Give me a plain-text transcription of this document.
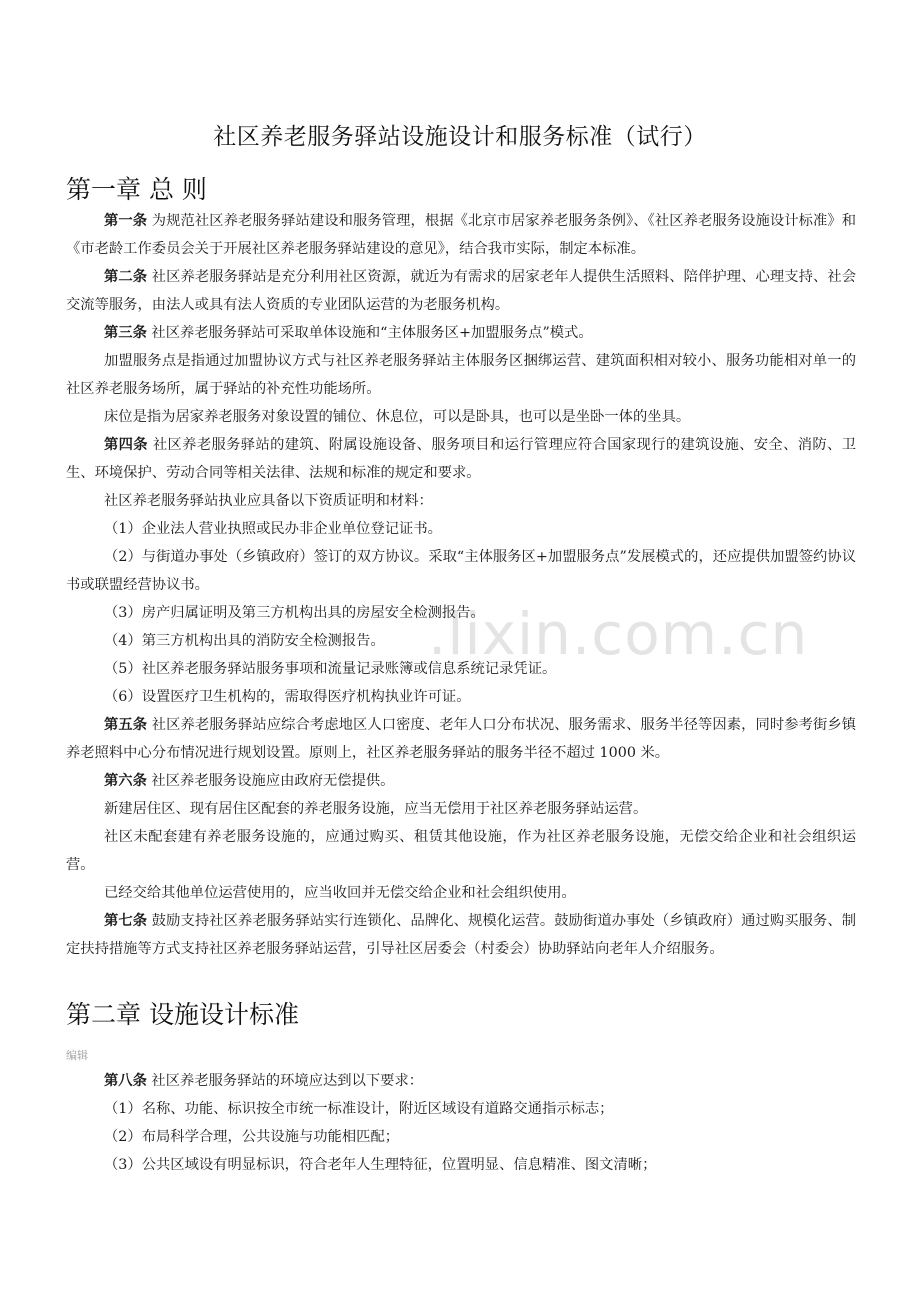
.lixin.com.cn
社区养老服务驿站设施设计和服务标准（试行）
第一章 总 则

第一条 为规范社区养老服务驿站建设和服务管理，根据《北京市居家养老服务条例》、《社区养老服务设施设计标准》和《市老龄工作委员会关于开展社区养老服务驿站建设的意见》，结合我市实际，制定本标准。

第二条 社区养老服务驿站是充分利用社区资源，就近为有需求的居家老年人提供生活照料、陪伴护理、心理支持、社会交流等服务，由法人或具有法人资质的专业团队运营的为老服务机构。

第三条 社区养老服务驿站可采取单体设施和“主体服务区+加盟服务点”模式。

加盟服务点是指通过加盟协议方式与社区养老服务驿站主体服务区捆绑运营、建筑面积相对较小、服务功能相对单一的社区养老服务场所，属于驿站的补充性功能场所。

床位是指为居家养老服务对象设置的铺位、休息位，可以是卧具，也可以是坐卧一体的坐具。

第四条 社区养老服务驿站的建筑、附属设施设备、服务项目和运行管理应符合国家现行的建筑设施、安全、消防、卫生、环境保护、劳动合同等相关法律、法规和标准的规定和要求。

社区养老服务驿站执业应具备以下资质证明和材料：

（1）企业法人营业执照或民办非企业单位登记证书。

（2）与街道办事处（乡镇政府）签订的双方协议。采取“主体服务区+加盟服务点”发展模式的，还应提供加盟签约协议书或联盟经营协议书。

（3）房产归属证明及第三方机构出具的房屋安全检测报告。

（4）第三方机构出具的消防安全检测报告。

（5）社区养老服务驿站服务事项和流量记录账簿或信息系统记录凭证。

（6）设置医疗卫生机构的，需取得医疗机构执业许可证。

第五条 社区养老服务驿站应综合考虑地区人口密度、老年人口分布状况、服务需求、服务半径等因素，同时参考街乡镇养老照料中心分布情况进行规划设置。原则上，社区养老服务驿站的服务半径不超过 1000 米。

第六条 社区养老服务设施应由政府无偿提供。

新建居住区、现有居住区配套的养老服务设施，应当无偿用于社区养老服务驿站运营。

社区未配套建有养老服务设施的，应通过购买、租赁其他设施，作为社区养老服务设施，无偿交给企业和社会组织运营。

已经交给其他单位运营使用的，应当收回并无偿交给企业和社会组织使用。

第七条 鼓励支持社区养老服务驿站实行连锁化、品牌化、规模化运营。鼓励街道办事处（乡镇政府）通过购买服务、制定扶持措施等方式支持社区养老服务驿站运营，引导社区居委会（村委会）协助驿站向老年人介绍服务。

第二章 设施设计标准
编辑

第八条 社区养老服务驿站的环境应达到以下要求：

（1）名称、功能、标识按全市统一标准设计，附近区域设有道路交通指示标志；

（2）布局科学合理，公共设施与功能相匹配；

（3）公共区域设有明显标识，符合老年人生理特征，位置明显、信息精准、图文清晰；
